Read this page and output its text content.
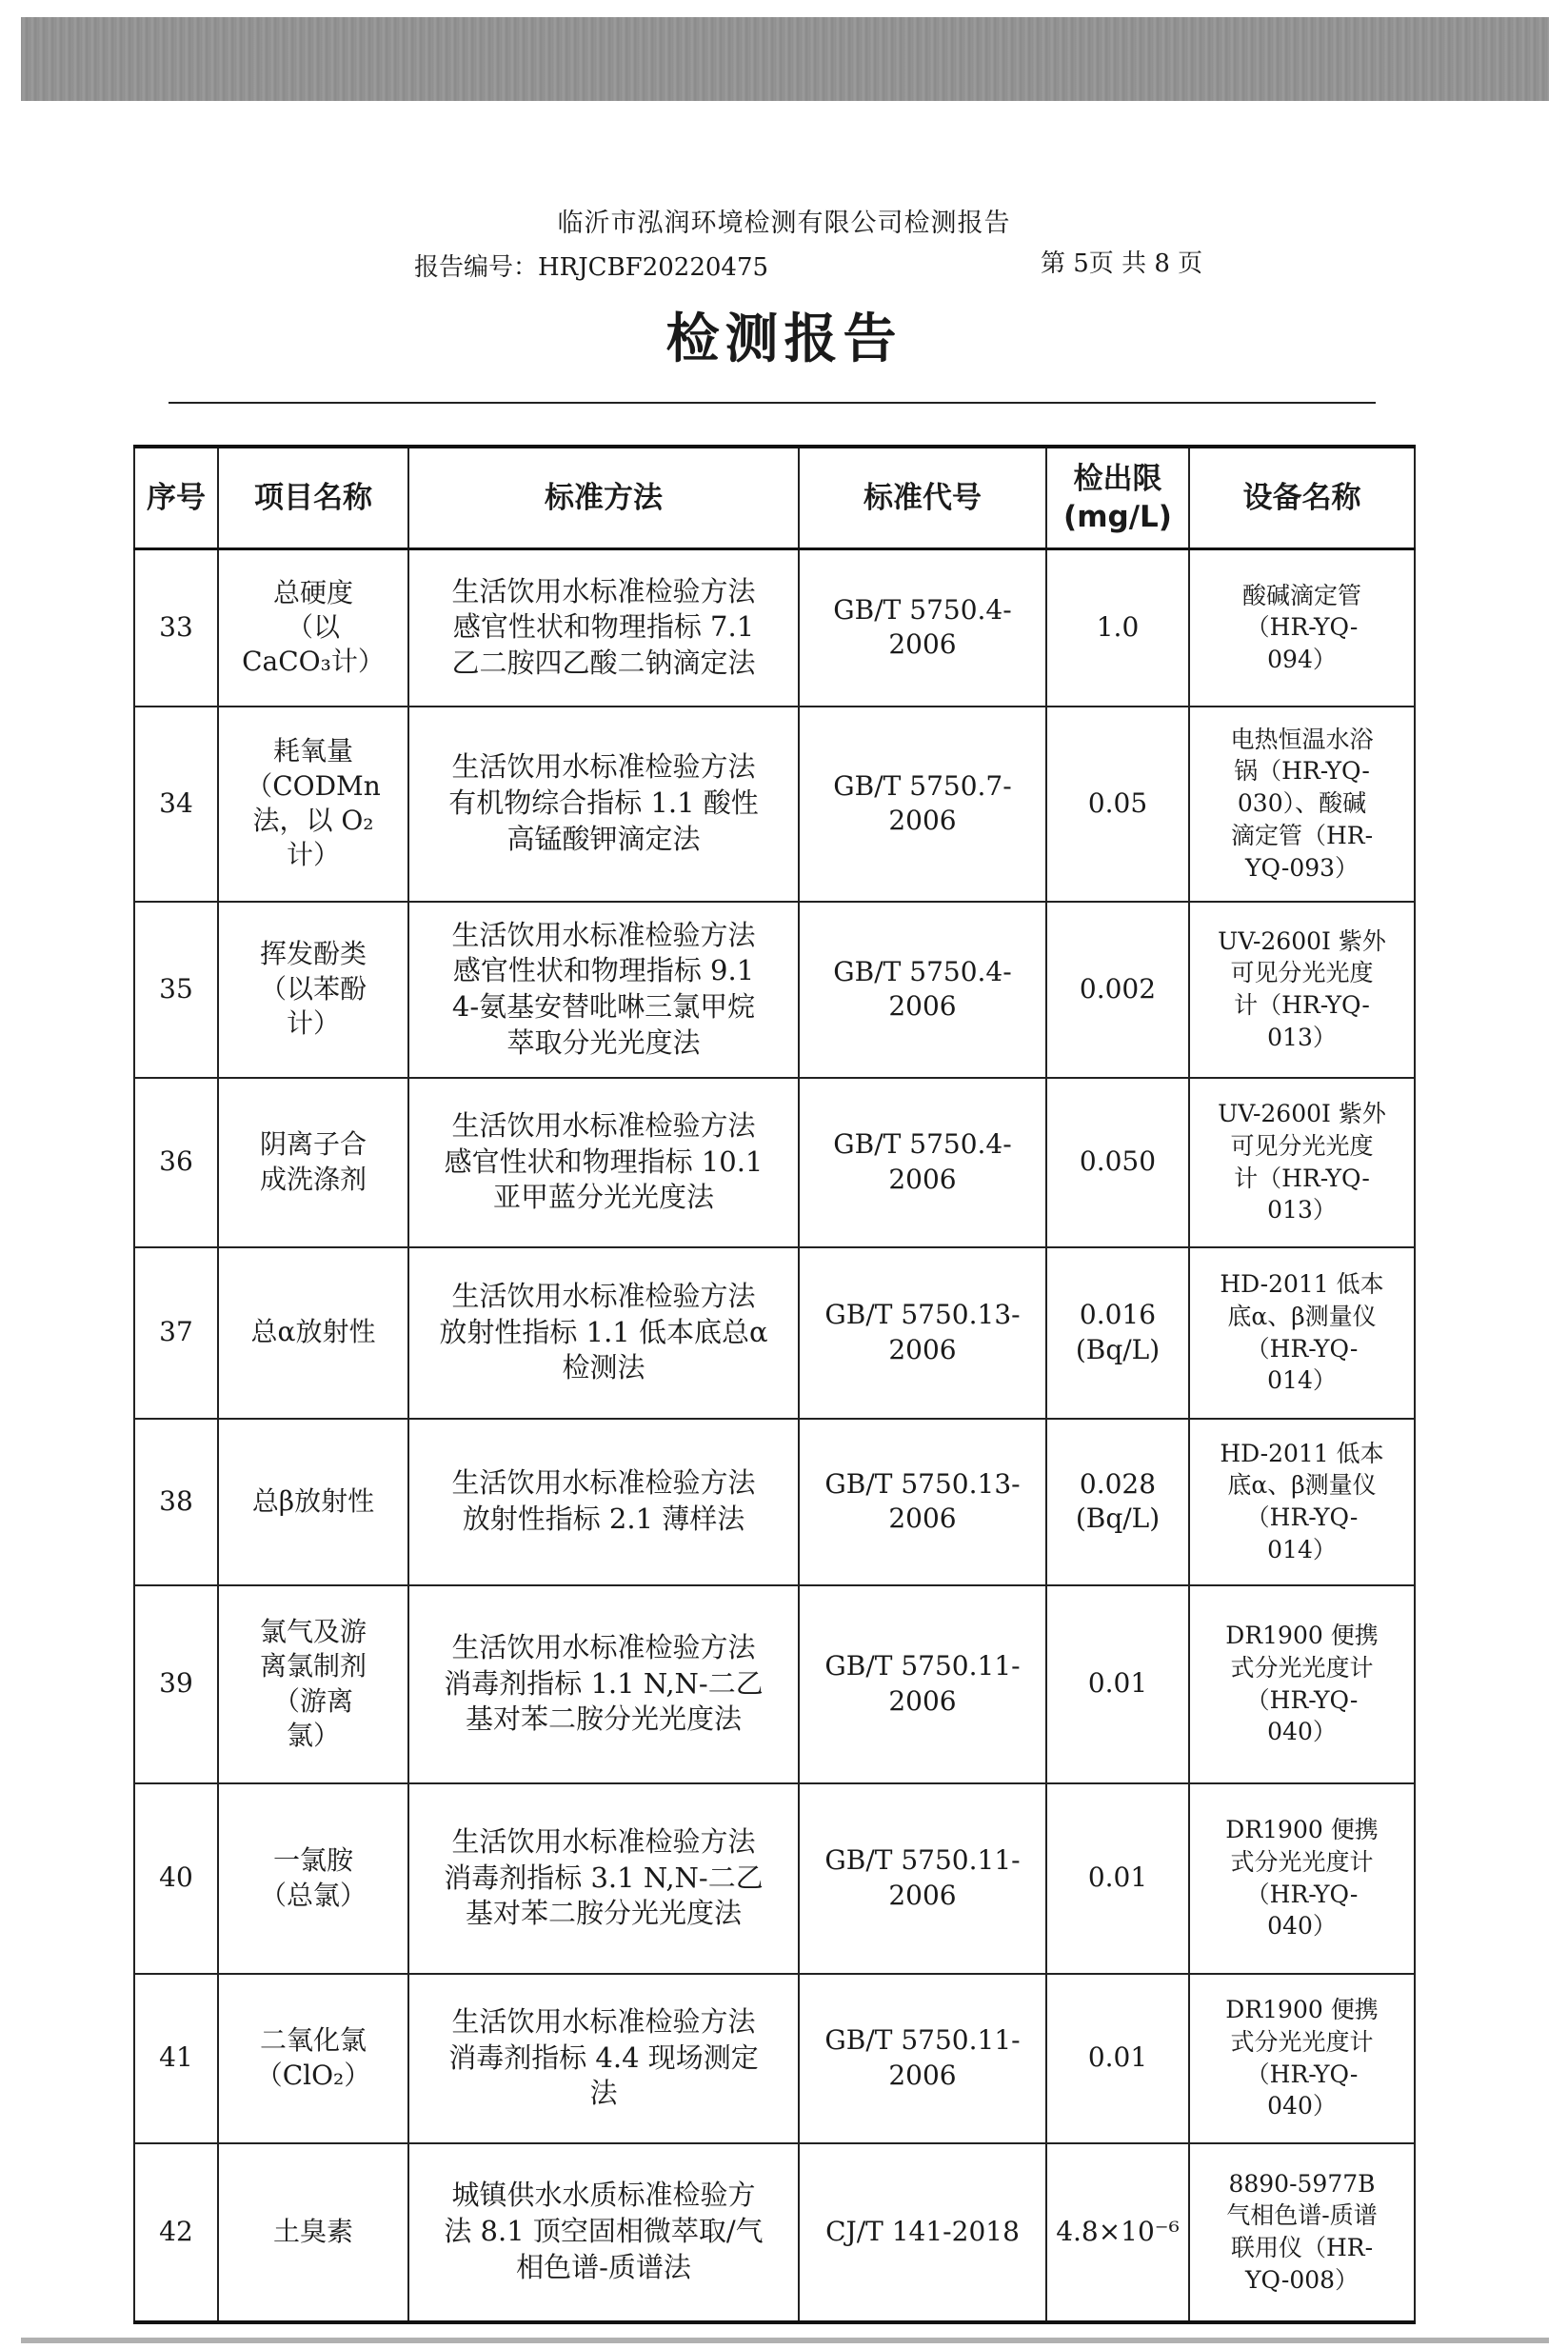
临沂市泓润环境检测有限公司检测报告
报告编号：HRJCBF20220475	第 5页 共 8 页
检测报告
序号	项目名称	标准方法	标准代号	检出限
(mg/L)	设备名称
33	总硬度
（以
CaCO₃计）	生活饮用水标准检验方法
感官性状和物理指标 7.1
乙二胺四乙酸二钠滴定法	GB/T 5750.4-
2006	1.0	酸碱滴定管
（HR-YQ-
094）
34	耗氧量
（CODMn
法，以 O₂
计）	生活饮用水标准检验方法
有机物综合指标 1.1 酸性
高锰酸钾滴定法	GB/T 5750.7-
2006	0.05	电热恒温水浴
锅（HR-YQ-
030）、酸碱
滴定管（HR-
YQ-093）
35	挥发酚类
（以苯酚
计）	生活饮用水标准检验方法
感官性状和物理指标 9.1
4-氨基安替吡啉三氯甲烷
萃取分光光度法	GB/T 5750.4-
2006	0.002	UV-2600I 紫外
可见分光光度
计（HR-YQ-
013）
36	阴离子合
成洗涤剂	生活饮用水标准检验方法
感官性状和物理指标 10.1
亚甲蓝分光光度法	GB/T 5750.4-
2006	0.050	UV-2600I 紫外
可见分光光度
计（HR-YQ-
013）
37	总α放射性	生活饮用水标准检验方法
放射性指标 1.1 低本底总α
检测法	GB/T 5750.13-
2006	0.016
(Bq/L)	HD-2011 低本
底α、β测量仪
（HR-YQ-
014）
38	总β放射性	生活饮用水标准检验方法
放射性指标 2.1 薄样法	GB/T 5750.13-
2006	0.028
(Bq/L)	HD-2011 低本
底α、β测量仪
（HR-YQ-
014）
39	氯气及游
离氯制剂
（游离
氯）	生活饮用水标准检验方法
消毒剂指标 1.1 N,N-二乙
基对苯二胺分光光度法	GB/T 5750.11-
2006	0.01	DR1900 便携
式分光光度计
（HR-YQ-
040）
40	一氯胺
（总氯）	生活饮用水标准检验方法
消毒剂指标 3.1 N,N-二乙
基对苯二胺分光光度法	GB/T 5750.11-
2006	0.01	DR1900 便携
式分光光度计
（HR-YQ-
040）
41	二氧化氯
（ClO₂）	生活饮用水标准检验方法
消毒剂指标 4.4 现场测定
法	GB/T 5750.11-
2006	0.01	DR1900 便携
式分光光度计
（HR-YQ-
040）
42	土臭素	城镇供水水质标准检验方
法 8.1 顶空固相微萃取/气
相色谱-质谱法	CJ/T 141-2018	4.8×10⁻⁶	8890-5977B
气相色谱-质谱
联用仪（HR-
YQ-008）
